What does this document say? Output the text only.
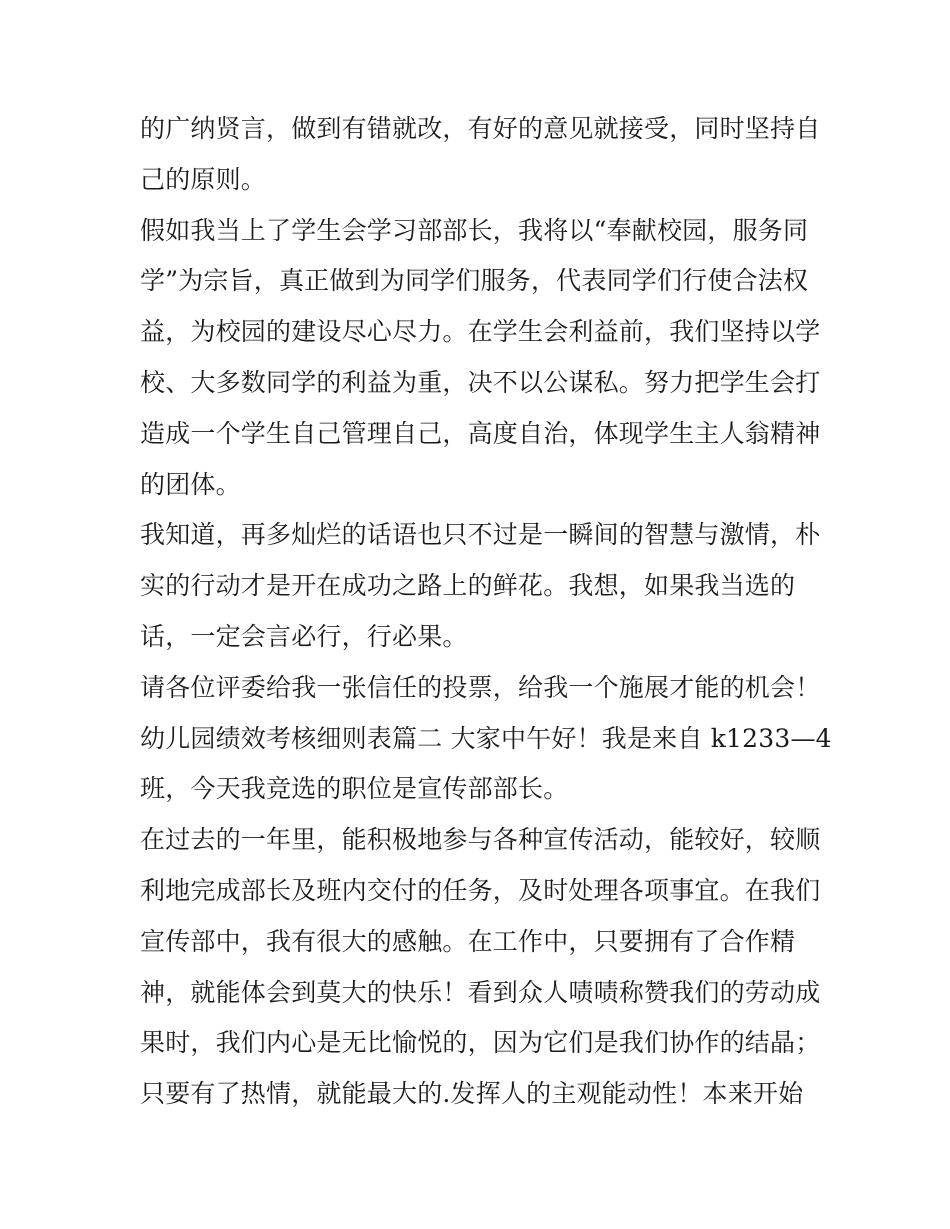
的广纳贤言，做到有错就改，有好的意见就接受，同时坚持自
己的原则。
假如我当上了学生会学习部部长，我将以“奉献校园，服务同
学”为宗旨，真正做到为同学们服务，代表同学们行使合法权
益，为校园的建设尽心尽力。在学生会利益前，我们坚持以学
校、大多数同学的利益为重，决不以公谋私。努力把学生会打
造成一个学生自己管理自己，高度自治，体现学生主人翁精神
的团体。
我知道，再多灿烂的话语也只不过是一瞬间的智慧与激情，朴
实的行动才是开在成功之路上的鲜花。我想，如果我当选的
话，一定会言必行，行必果。
请各位评委给我一张信任的投票，给我一个施展才能的机会！
幼儿园绩效考核细则表篇二 大家中午好！我是来自 k1233—4
班，今天我竞选的职位是宣传部部长。
在过去的一年里，能积极地参与各种宣传活动，能较好，较顺
利地完成部长及班内交付的任务，及时处理各项事宜。在我们
宣传部中，我有很大的感触。在工作中，只要拥有了合作精
神，就能体会到莫大的快乐！看到众人啧啧称赞我们的劳动成
果时，我们内心是无比愉悦的，因为它们是我们协作的结晶；
只要有了热情，就能最大的.发挥人的主观能动性！本来开始
